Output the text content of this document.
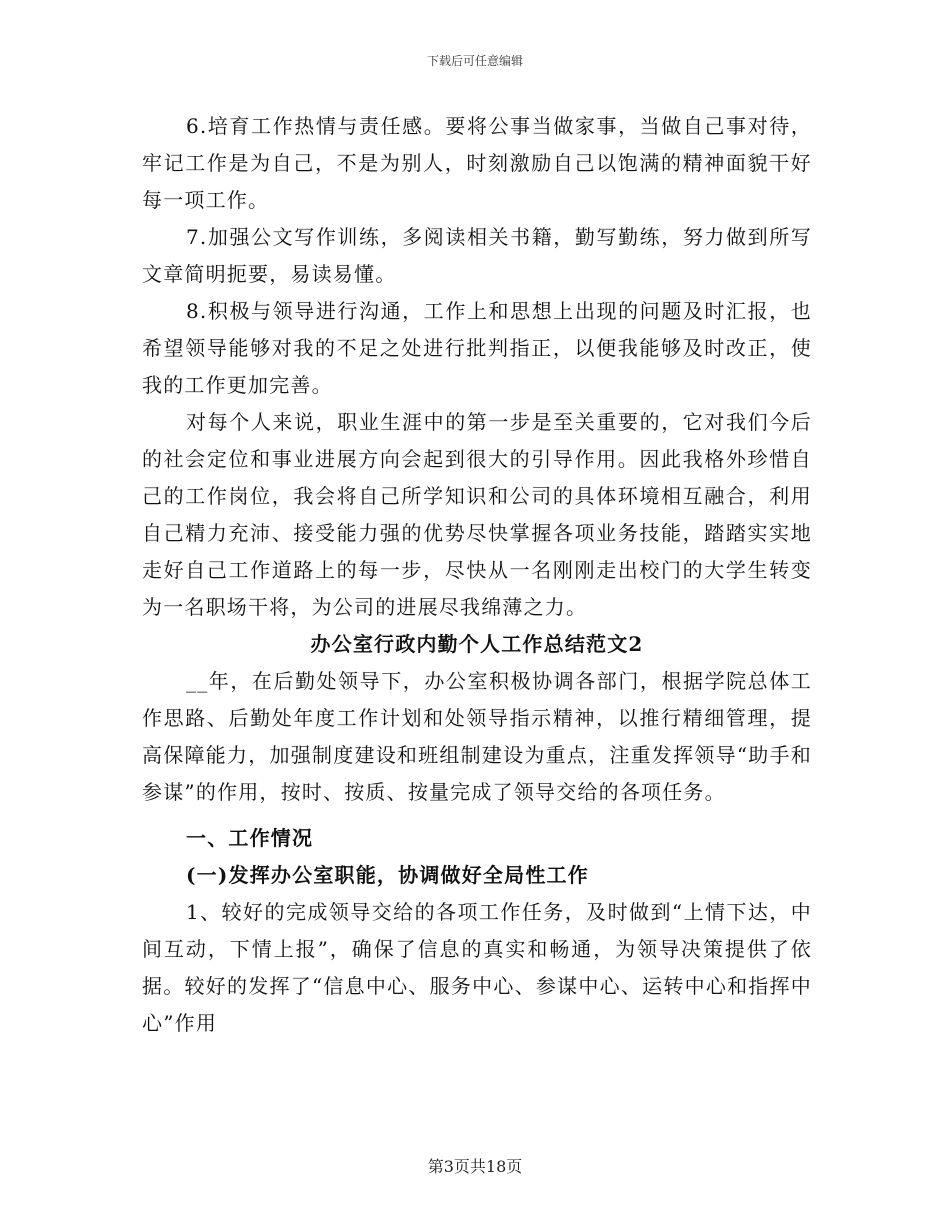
下载后可任意编辑

6.培育工作热情与责任感。要将公事当做家事，当做自己事对待，牢记工作是为自己，不是为别人，时刻激励自己以饱满的精神面貌干好每一项工作。

7.加强公文写作训练，多阅读相关书籍，勤写勤练，努力做到所写文章简明扼要，易读易懂。

8.积极与领导进行沟通，工作上和思想上出现的问题及时汇报，也希望领导能够对我的不足之处进行批判指正，以便我能够及时改正，使我的工作更加完善。

对每个人来说，职业生涯中的第一步是至关重要的，它对我们今后的社会定位和事业进展方向会起到很大的引导作用。因此我格外珍惜自己的工作岗位，我会将自己所学知识和公司的具体环境相互融合，利用自己精力充沛、接受能力强的优势尽快掌握各项业务技能，踏踏实实地走好自己工作道路上的每一步，尽快从一名刚刚走出校门的大学生转变为一名职场干将，为公司的进展尽我绵薄之力。

办公室行政内勤个人工作总结范文2

__年，在后勤处领导下，办公室积极协调各部门，根据学院总体工作思路、后勤处年度工作计划和处领导指示精神，以推行精细管理，提高保障能力，加强制度建设和班组制建设为重点，注重发挥领导“助手和参谋”的作用，按时、按质、按量完成了领导交给的各项任务。

一、工作情况

(一)发挥办公室职能，协调做好全局性工作

1、较好的完成领导交给的各项工作任务，及时做到“上情下达，中间互动，下情上报”，确保了信息的真实和畅通，为领导决策提供了依据。较好的发挥了“信息中心、服务中心、参谋中心、运转中心和指挥中心”作用

第3页共18页
